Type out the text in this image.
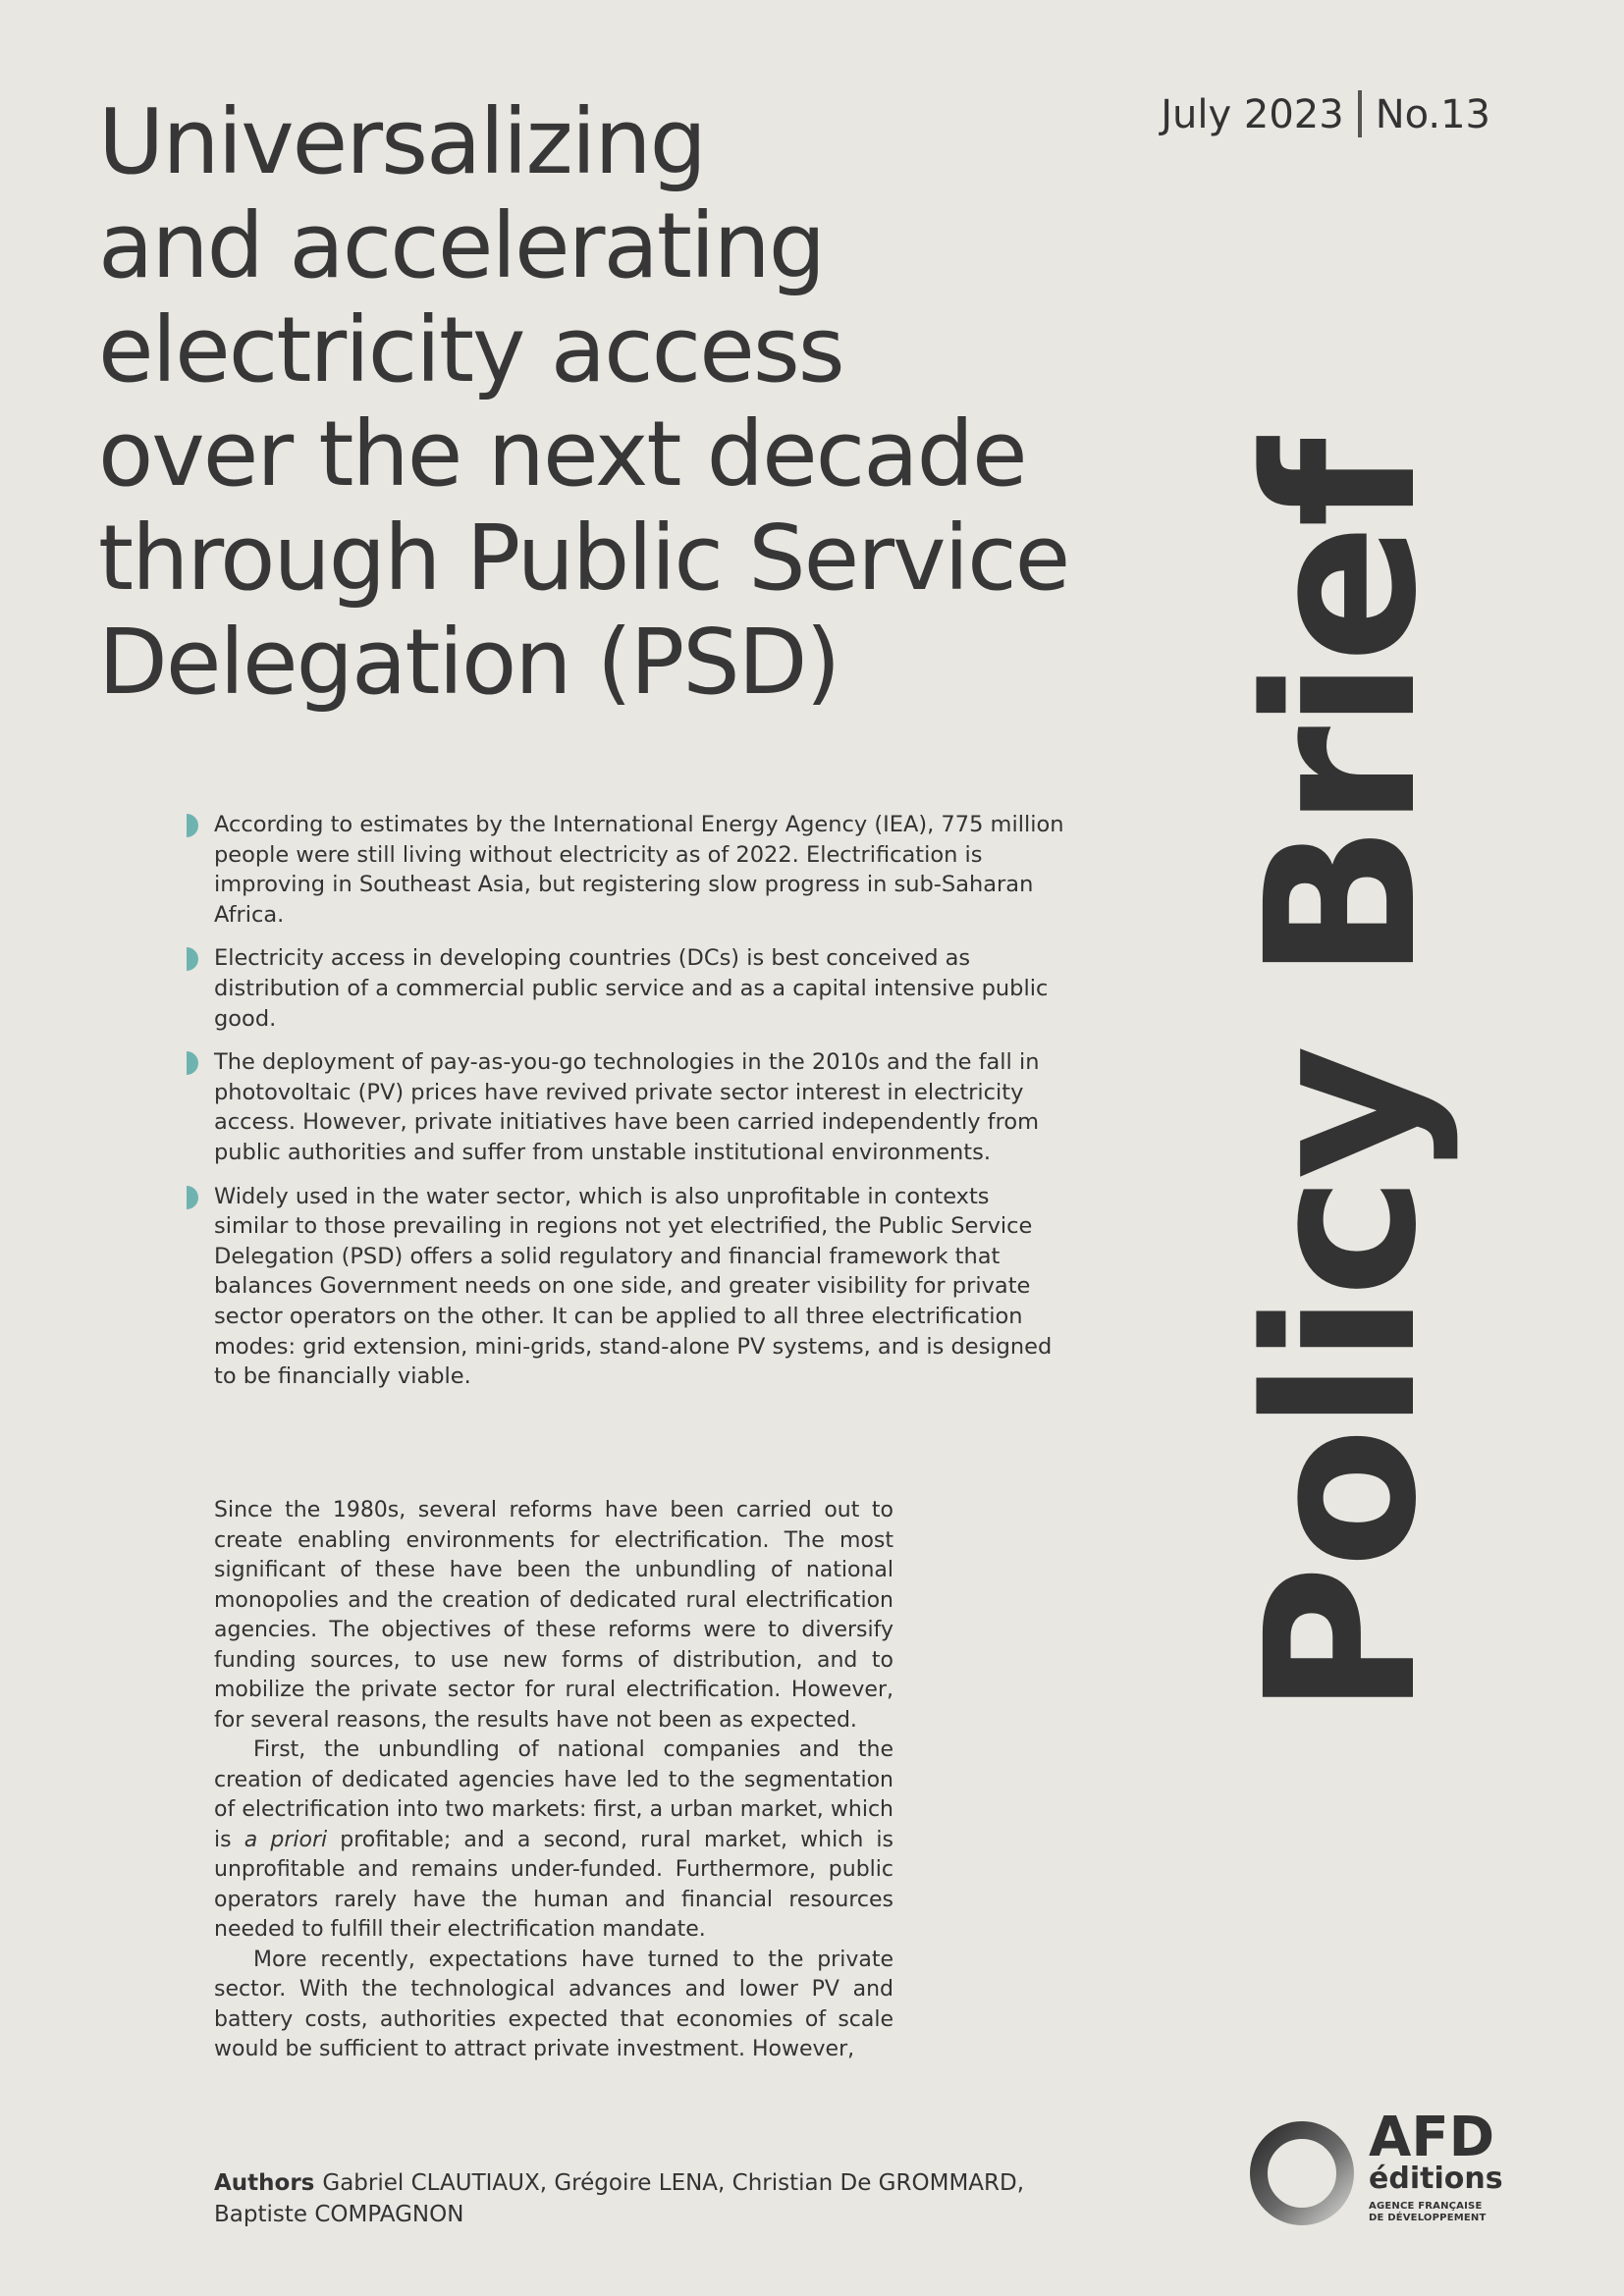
Universalizing
and accelerating
electricity access
over the next decade
through Public Service
Delegation (PSD)
July 2023 No.13
Policy Brief
According to estimates by the International Energy Agency (IEA), 775 million people were still living without electricity as of 2022. Electrification is improving in Southeast Asia, but registering slow progress in sub-Saharan Africa.
Electricity access in developing countries (DCs) is best conceived as distribution of a commercial public service and as a capital intensive public good.
The deployment of pay-as-you-go technologies in the 2010s and the fall in photovoltaic (PV) prices have revived private sector interest in electricity access. However, private initiatives have been carried independently from public authorities and suffer from unstable institutional environments.
Widely used in the water sector, which is also unprofitable in contexts similar to those prevailing in regions not yet electrified, the Public Service Delegation (PSD) offers a solid regulatory and financial framework that balances Government needs on one side, and greater visibility for private sector operators on the other. It can be applied to all three electrification modes: grid extension, mini-grids, stand-alone PV systems, and is designed to be financially viable.

Since the 1980s, several reforms have been carried out to create enabling environments for electrification. The most significant of these have been the unbundling of national monopolies and the creation of dedicated rural electrification agencies. The objectives of these reforms were to diversify funding sources, to use new forms of distribution, and to mobilize the private sector for rural electrification. However, for several reasons, the results have not been as expected.

First, the unbundling of national companies and the creation of dedicated agencies have led to the segmentation of electrification into two markets: first, a urban market, which is a priori profitable; and a second, rural market, which is unprofitable and remains under-funded. Furthermore, public operators rarely have the human and financial resources needed to fulfill their electrification mandate.

More recently, expectations have turned to the private sector. With the technological advances and lower PV and battery costs, authorities expected that economies of scale would be sufficient to attract private investment. However,

Authors Gabriel CLAUTIAUX, Grégoire LENA, Christian De GROMMARD, Baptiste COMPAGNON
AFD
éditions
AGENCE FRANÇAISE
DE DÉVELOPPEMENT
